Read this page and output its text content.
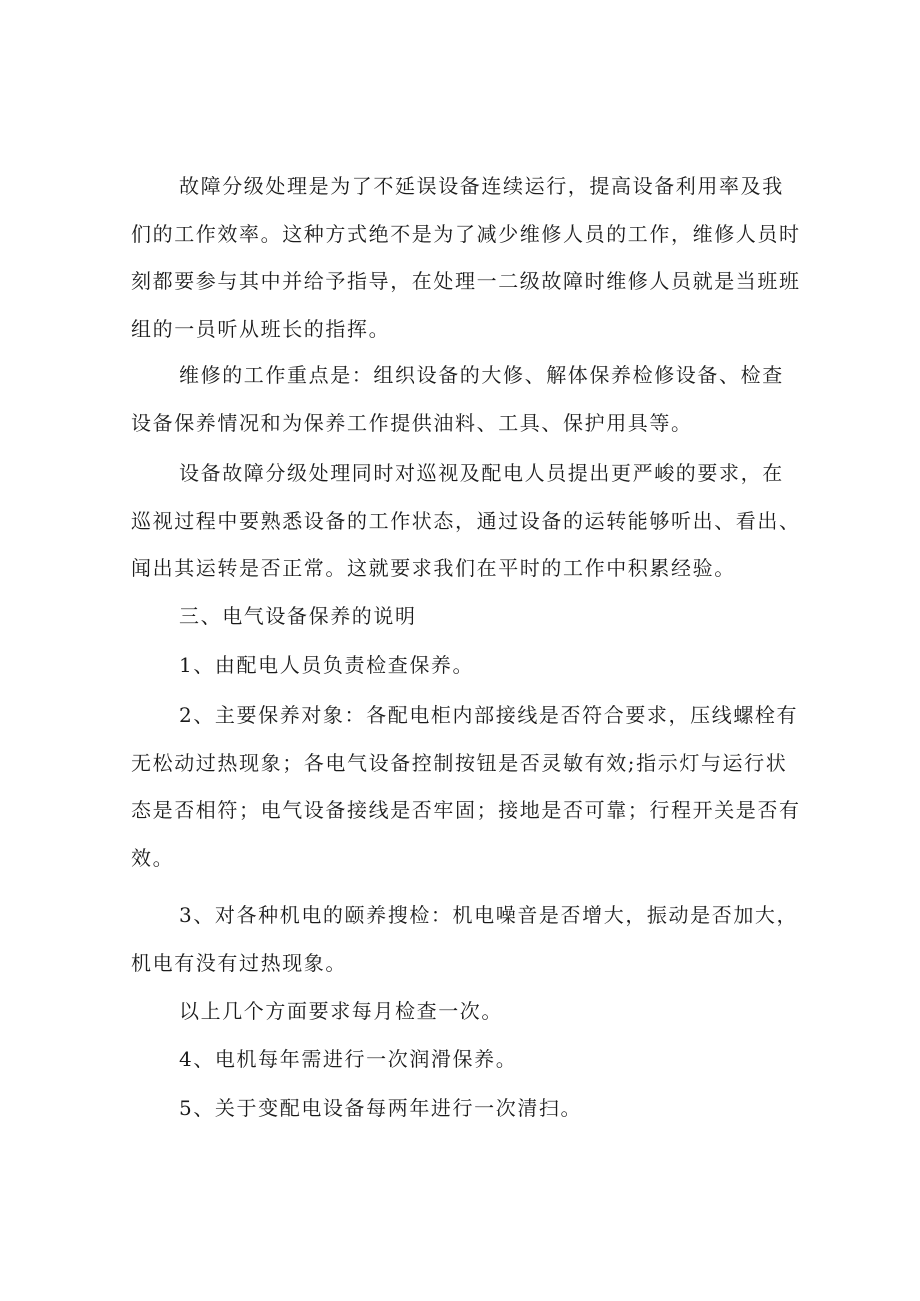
故障分级处理是为了不延误设备连续运行，提高设备利用率及我
们的工作效率。这种方式绝不是为了减少维修人员的工作，维修人员时
刻都要参与其中并给予指导，在处理一二级故障时维修人员就是当班班
组的一员听从班长的指挥。
维修的工作重点是：组织设备的大修、解体保养检修设备、检查
设备保养情况和为保养工作提供油料、工具、保护用具等。
设备故障分级处理同时对巡视及配电人员提出更严峻的要求，在
巡视过程中要熟悉设备的工作状态，通过设备的运转能够听出、看出、
闻出其运转是否正常。这就要求我们在平时的工作中积累经验。
三、电气设备保养的说明
1、由配电人员负责检查保养。
2、主要保养对象：各配电柜内部接线是否符合要求，压线螺栓有
无松动过热现象；各电气设备控制按钮是否灵敏有效;指示灯与运行状
态是否相符；电气设备接线是否牢固；接地是否可靠；行程开关是否有
效。
3、对各种机电的颐养搜检：机电噪音是否增大，振动是否加大，
机电有没有过热现象。
以上几个方面要求每月检查一次。
4、电机每年需进行一次润滑保养。
5、关于变配电设备每两年进行一次清扫。
